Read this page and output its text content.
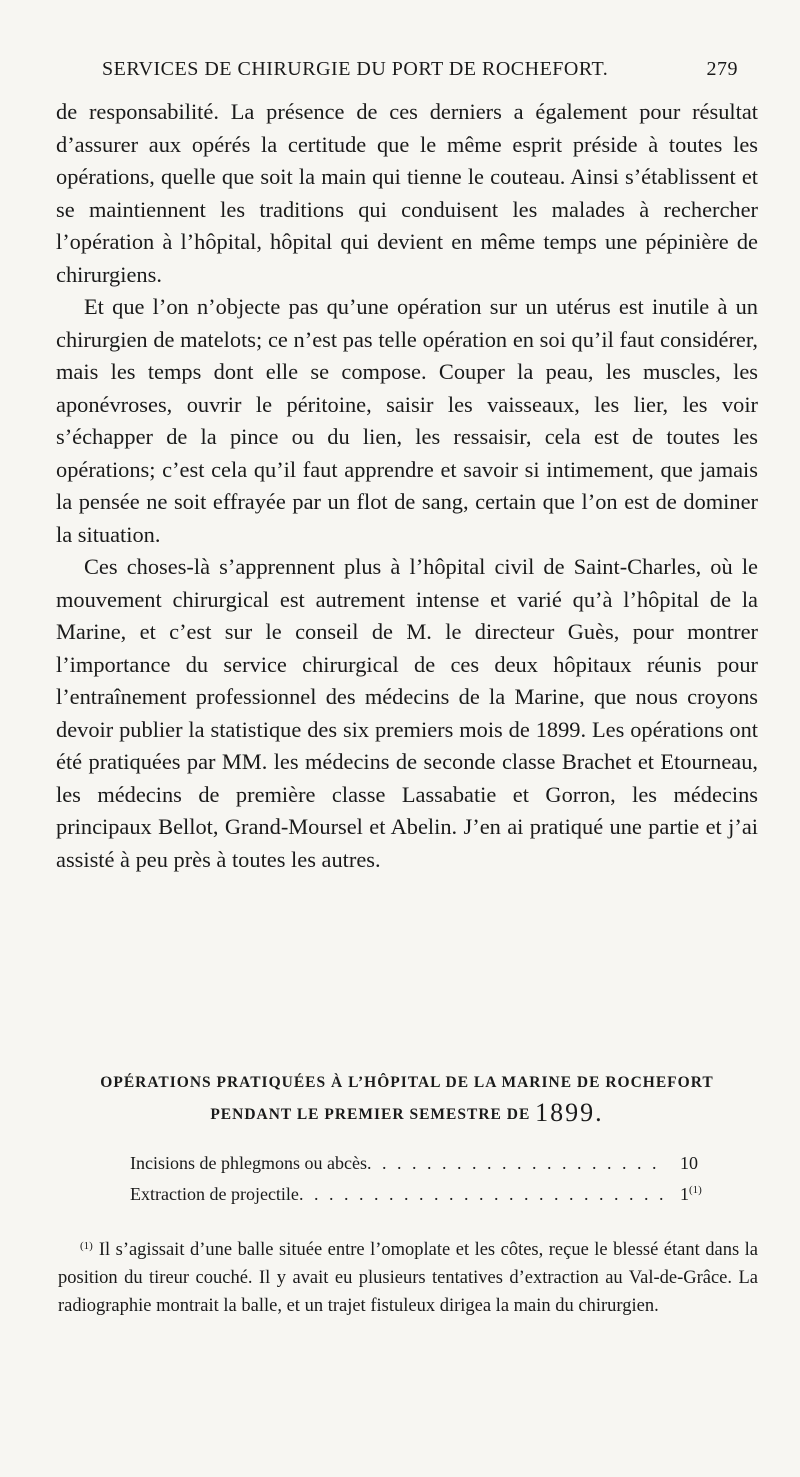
SERVICES DE CHIRURGIE DU PORT DE ROCHEFORT.	279

de responsabilité. La présence de ces derniers a également pour résultat d’assurer aux opérés la certitude que le même esprit préside à toutes les opérations, quelle que soit la main qui tienne le couteau. Ainsi s’établissent et se maintiennent les traditions qui conduisent les malades à rechercher l’opération à l’hôpital, hôpital qui devient en même temps une pépinière de chirurgiens.

Et que l’on n’objecte pas qu’une opération sur un utérus est inutile à un chirurgien de matelots; ce n’est pas telle opération en soi qu’il faut considérer, mais les temps dont elle se compose. Couper la peau, les muscles, les aponévroses, ouvrir le péritoine, saisir les vaisseaux, les lier, les voir s’échapper de la pince ou du lien, les ressaisir, cela est de toutes les opérations; c’est cela qu’il faut apprendre et savoir si intimement, que jamais la pensée ne soit effrayée par un flot de sang, certain que l’on est de dominer la situation.

Ces choses-là s’apprennent plus à l’hôpital civil de Saint-Charles, où le mouvement chirurgical est autrement intense et varié qu’à l’hôpital de la Marine, et c’est sur le conseil de M. le directeur Guès, pour montrer l’importance du service chirurgical de ces deux hôpitaux réunis pour l’entraînement professionnel des médecins de la Marine, que nous croyons devoir publier la statistique des six premiers mois de 1899. Les opérations ont été pratiquées par MM. les médecins de seconde classe Brachet et Etourneau, les médecins de première classe Lassabatie et Gorron, les médecins principaux Bellot, Grand-Moursel et Abelin. J’en ai pratiqué une partie et j’ai assisté à peu près à toutes les autres.

OPÉRATIONS PRATIQUÉES À L’HÔPITAL DE LA MARINE DE ROCHEFORT
PENDANT LE PREMIER SEMESTRE DE 1899.
Incisions de phlegmons ou abcès . . .	10
Extraction de projectile . . .	1$^{(1)}$

$^{(1)}$ Il s’agissait d’une balle située entre l’omoplate et les côtes, reçue le blessé étant dans la position du tireur couché. Il y avait eu plusieurs tentatives d’extraction au Val-de-Grâce. La radiographie montrait la balle, et un trajet fistuleux dirigea la main du chirurgien.
